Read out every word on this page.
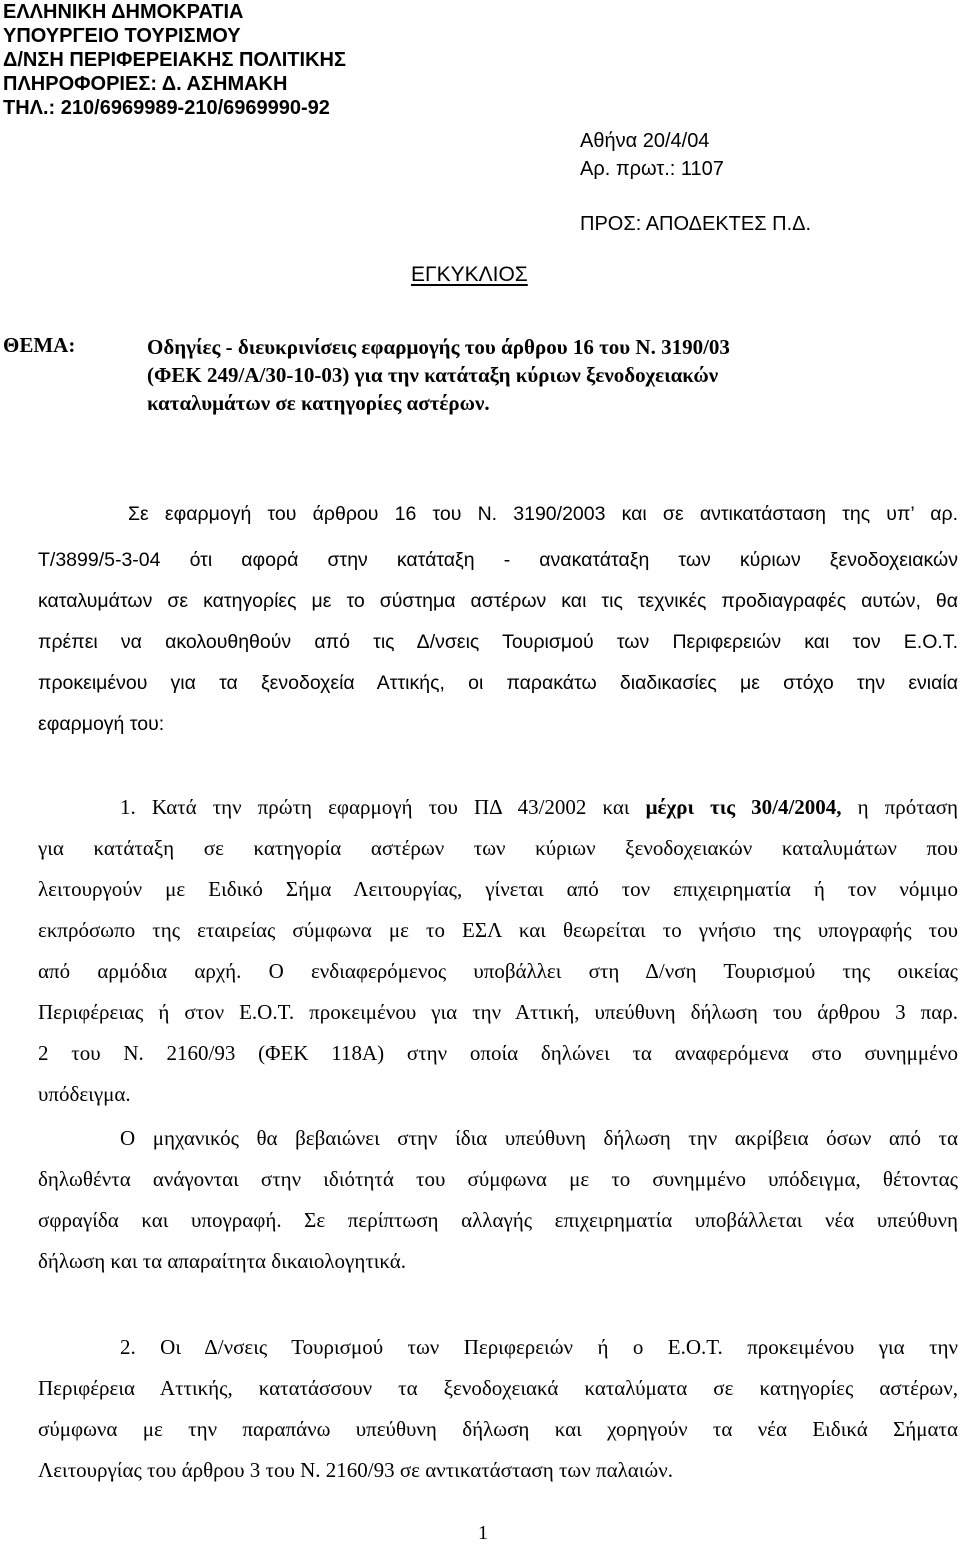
ΕΛΛΗΝΙΚΗ ΔΗΜΟΚΡΑΤΙΑ
ΥΠΟΥΡΓΕΙΟ ΤΟΥΡΙΣΜΟΥ
Δ/ΝΣΗ ΠΕΡΙΦΕΡΕΙΑΚΗΣ ΠΟΛΙΤΙΚΗΣ
ΠΛΗΡΟΦΟΡΙΕΣ: Δ. ΑΣΗΜΑΚΗ
ΤΗΛ.: 210/6969989-210/6969990-92
Αθήνα 20/4/04
Αρ. πρωτ.: 1107
ΠΡΟΣ: ΑΠΟΔΕΚΤΕΣ Π.Δ.
ΕΓΚΥΚΛΙΟΣ
ΘΕΜΑ:	Οδηγίες - διευκρινίσεις εφαρμογής του άρθρου 16 του Ν. 3190/03
(ΦΕΚ 249/Α/30-10-03) για την κατάταξη κύριων ξενοδοχειακών
καταλυμάτων σε κατηγορίες αστέρων.
Σε εφαρμογή του άρθρου 16 του Ν. 3190/2003 και σε αντικατάσταση της υπ’ αρ.
Τ/3899/5-3-04 ότι αφορά στην κατάταξη - ανακατάταξη των κύριων ξενοδοχειακών
καταλυμάτων σε κατηγορίες με το σύστημα αστέρων και τις τεχνικές προδιαγραφές αυτών, θα
πρέπει να ακολουθηθούν από τις Δ/νσεις Τουρισμού των Περιφερειών και τον Ε.Ο.Τ.
προκειμένου για τα ξενοδοχεία Αττικής, οι παρακάτω διαδικασίες με στόχο την ενιαία
εφαρμογή του:
1. Κατά την πρώτη εφαρμογή του ΠΔ 43/2002 και μέχρι τις 30/4/2004, η πρόταση
για κατάταξη σε κατηγορία αστέρων των κύριων ξενοδοχειακών καταλυμάτων που
λειτουργούν με Ειδικό Σήμα Λειτουργίας, γίνεται από τον επιχειρηματία ή τον νόμιμο
εκπρόσωπο της εταιρείας σύμφωνα με το ΕΣΛ και θεωρείται το γνήσιο της υπογραφής του
από αρμόδια αρχή. Ο ενδιαφερόμενος υποβάλλει στη Δ/νση Τουρισμού της οικείας
Περιφέρειας ή στον Ε.Ο.Τ. προκειμένου για την Αττική, υπεύθυνη δήλωση του άρθρου 3 παρ.
2 του Ν. 2160/93 (ΦΕΚ 118Α) στην οποία δηλώνει τα αναφερόμενα στο συνημμένο
υπόδειγμα.
Ο μηχανικός θα βεβαιώνει στην ίδια υπεύθυνη δήλωση την ακρίβεια όσων από τα
δηλωθέντα ανάγονται στην ιδιότητά του σύμφωνα με το συνημμένο υπόδειγμα, θέτοντας
σφραγίδα και υπογραφή. Σε περίπτωση αλλαγής επιχειρηματία υποβάλλεται νέα υπεύθυνη
δήλωση και τα απαραίτητα δικαιολογητικά.
2. Οι Δ/νσεις Τουρισμού των Περιφερειών ή ο Ε.Ο.Τ. προκειμένου για την
Περιφέρεια Αττικής, κατατάσσουν τα ξενοδοχειακά καταλύματα σε κατηγορίες αστέρων,
σύμφωνα με την παραπάνω υπεύθυνη δήλωση και χορηγούν τα νέα Ειδικά Σήματα
Λειτουργίας του άρθρου 3 του Ν. 2160/93 σε αντικατάσταση των παλαιών.
1
